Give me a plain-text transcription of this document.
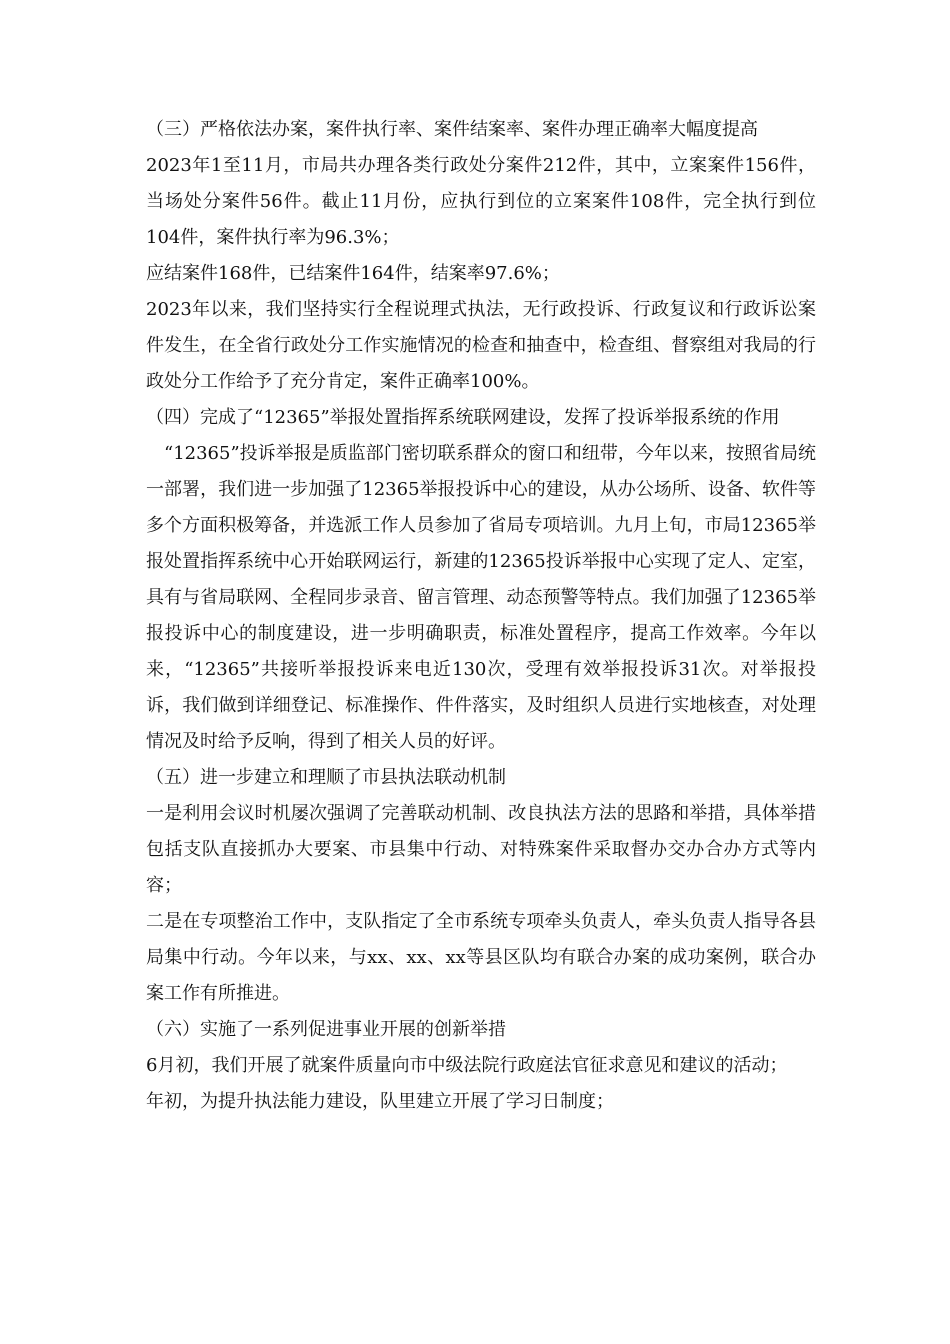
（三）严格依法办案，案件执行率、案件结案率、案件办理正确率大幅度提高

2023年1至11月，市局共办理各类行政处分案件212件，其中，立案案件156件，当场处分案件56件。截止11月份，应执行到位的立案案件108件，完全执行到位104件，案件执行率为96.3%；

应结案件168件，已结案件164件，结案率97.6%；

2023年以来，我们坚持实行全程说理式执法，无行政投诉、行政复议和行政诉讼案件发生，在全省行政处分工作实施情况的检查和抽查中，检查组、督察组对我局的行政处分工作给予了充分肯定，案件正确率100%。

（四）完成了“12365”举报处置指挥系统联网建设，发挥了投诉举报系统的作用

“12365”投诉举报是质监部门密切联系群众的窗口和纽带，今年以来，按照省局统一部署，我们进一步加强了12365举报投诉中心的建设，从办公场所、设备、软件等多个方面积极筹备，并选派工作人员参加了省局专项培训。九月上旬，市局12365举报处置指挥系统中心开始联网运行，新建的12365投诉举报中心实现了定人、定室，具有与省局联网、全程同步录音、留言管理、动态预警等特点。我们加强了12365举报投诉中心的制度建设，进一步明确职责，标准处置程序，提高工作效率。今年以来，“12365”共接听举报投诉来电近130次，受理有效举报投诉31次。对举报投诉，我们做到详细登记、标准操作、件件落实，及时组织人员进行实地核查，对处理情况及时给予反响，得到了相关人员的好评。

（五）进一步建立和理顺了市县执法联动机制

一是利用会议时机屡次强调了完善联动机制、改良执法方法的思路和举措，具体举措包括支队直接抓办大要案、市县集中行动、对特殊案件采取督办交办合办方式等内容；

二是在专项整治工作中，支队指定了全市系统专项牵头负责人，牵头负责人指导各县局集中行动。今年以来，与xx、xx、xx等县区队均有联合办案的成功案例，联合办案工作有所推进。

（六）实施了一系列促进事业开展的创新举措

6月初，我们开展了就案件质量向市中级法院行政庭法官征求意见和建议的活动；

年初，为提升执法能力建设，队里建立开展了学习日制度；
